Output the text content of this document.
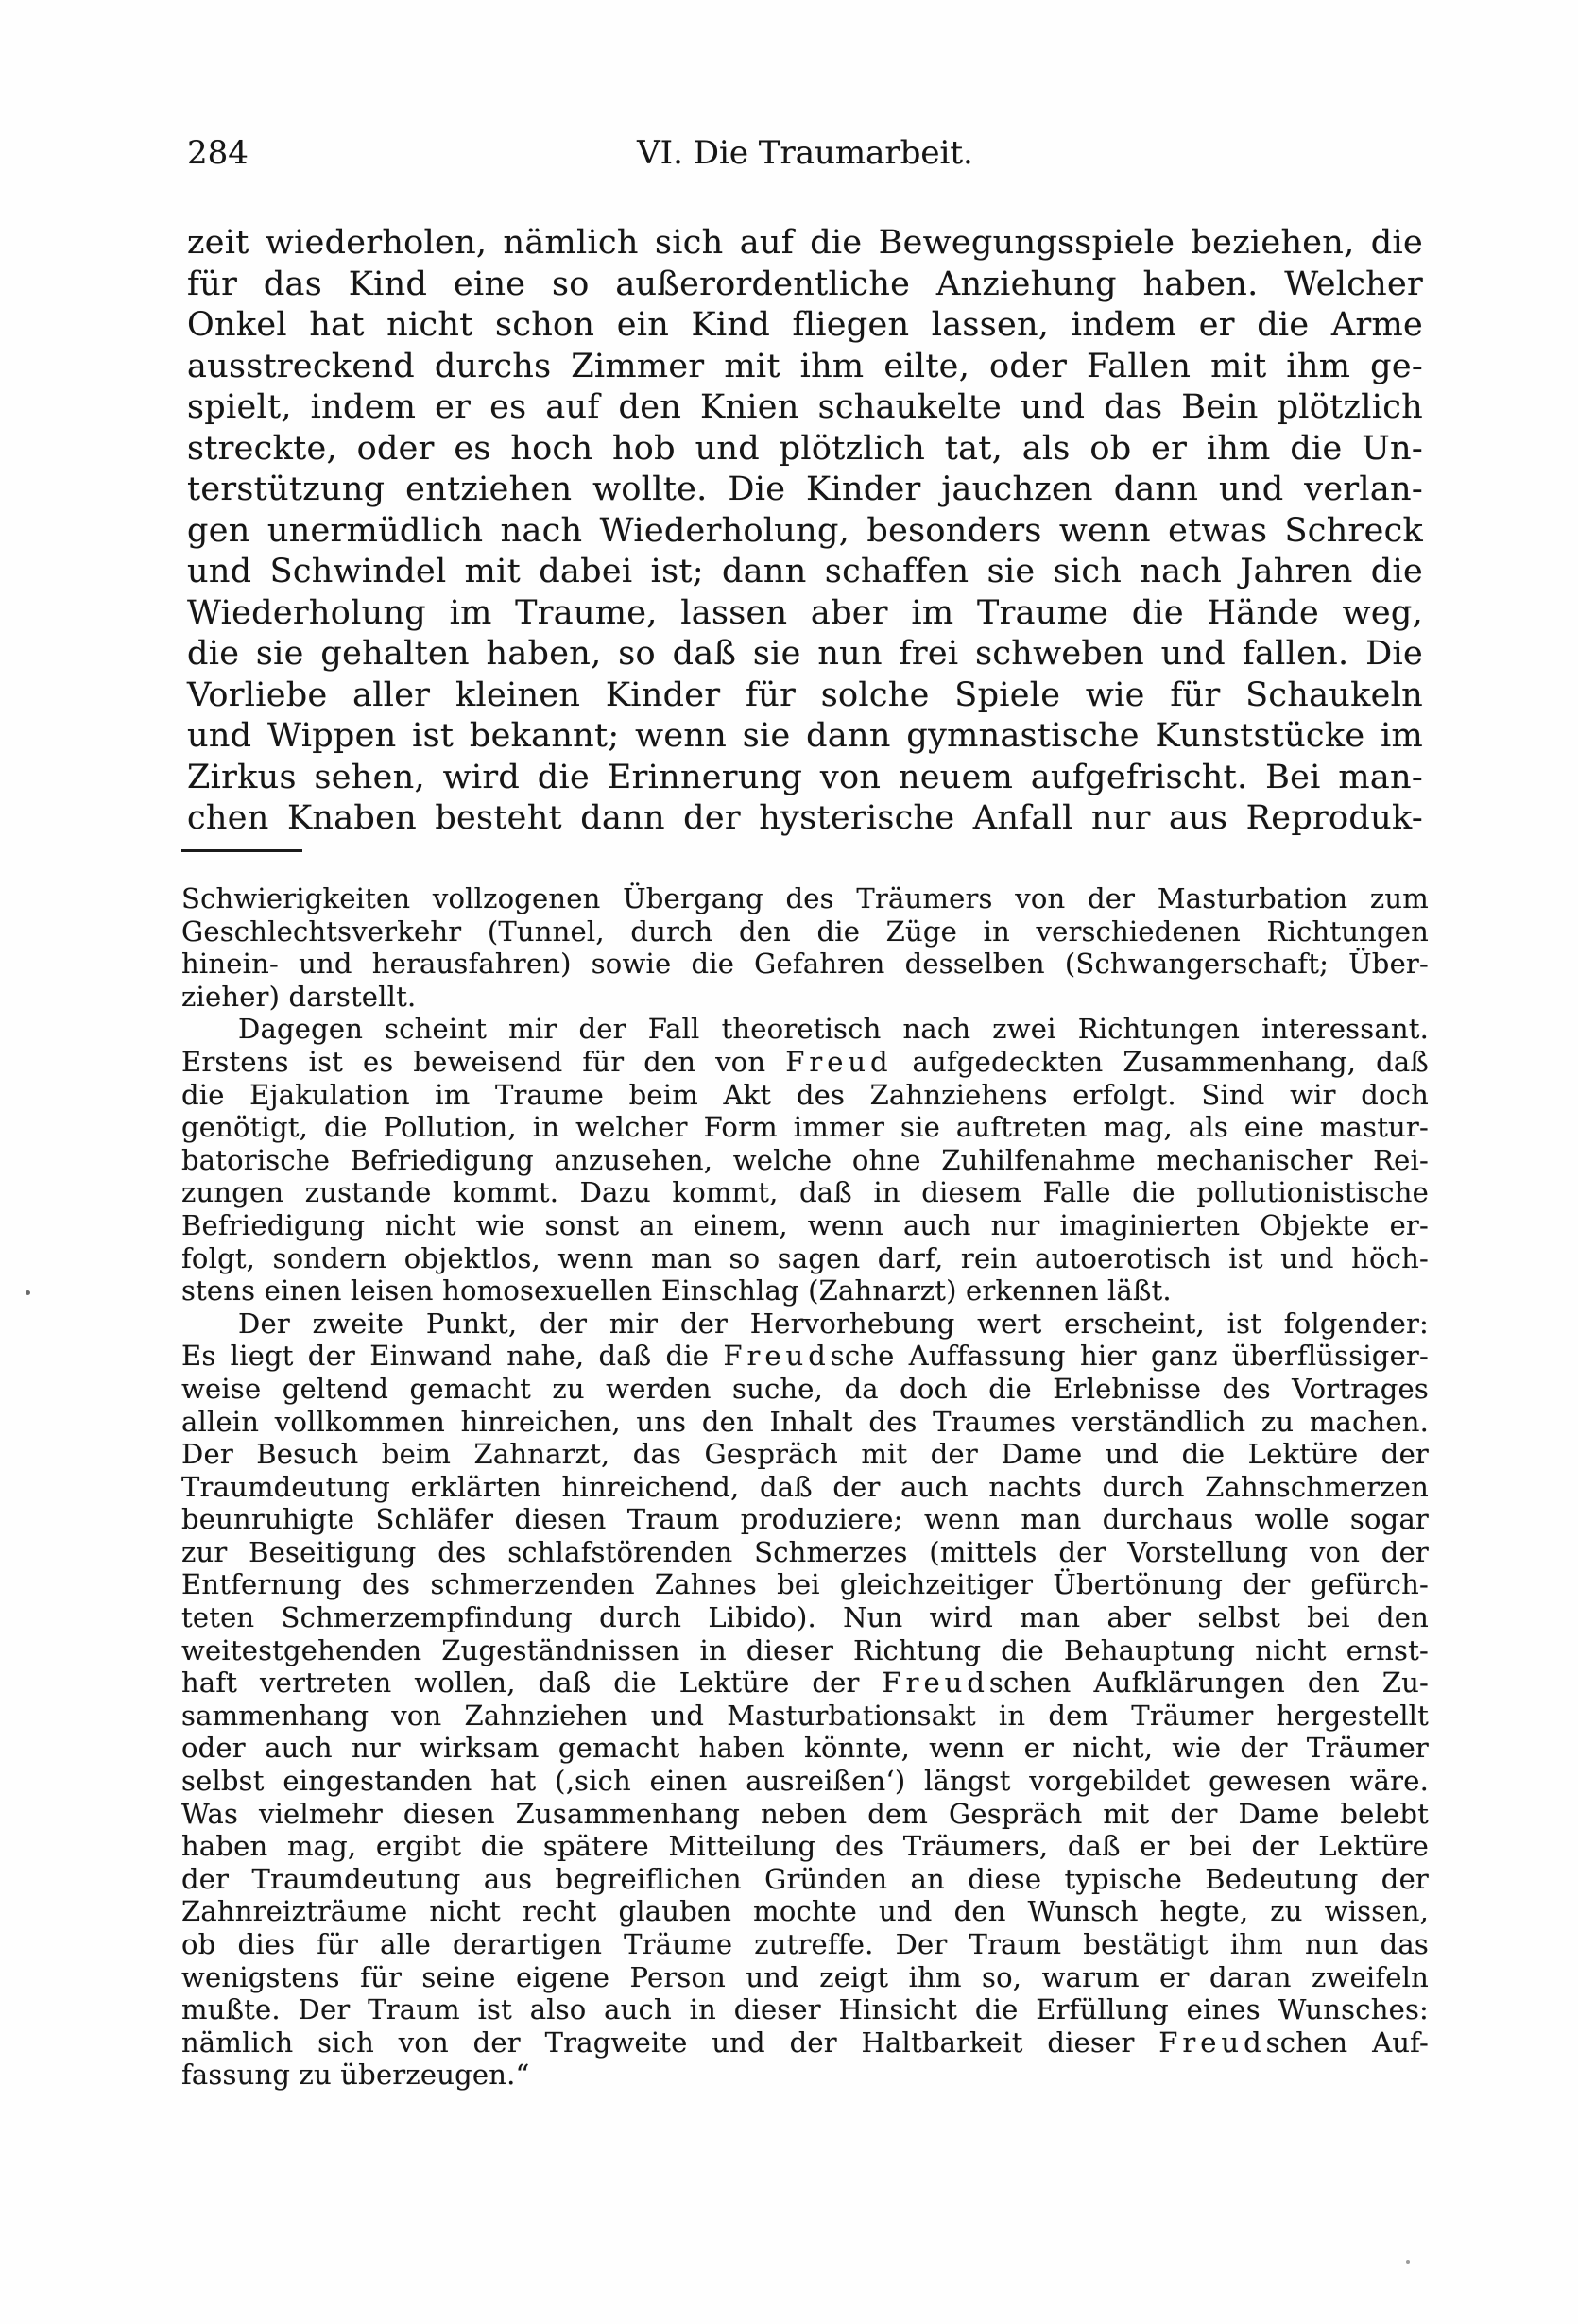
284	VI. Die Traumarbeit.
zeit wiederholen, nämlich sich auf die Bewegungsspiele beziehen, die
für das Kind eine so außerordentliche Anziehung haben. Welcher
Onkel hat nicht schon ein Kind fliegen lassen, indem er die Arme
ausstreckend durchs Zimmer mit ihm eilte, oder Fallen mit ihm ge-
spielt, indem er es auf den Knien schaukelte und das Bein plötzlich
streckte, oder es hoch hob und plötzlich tat, als ob er ihm die Un-
terstützung entziehen wollte. Die Kinder jauchzen dann und verlan-
gen unermüdlich nach Wiederholung, besonders wenn etwas Schreck
und Schwindel mit dabei ist; dann schaffen sie sich nach Jahren die
Wiederholung im Traume, lassen aber im Traume die Hände weg,
die sie gehalten haben, so daß sie nun frei schweben und fallen. Die
Vorliebe aller kleinen Kinder für solche Spiele wie für Schaukeln
und Wippen ist bekannt; wenn sie dann gymnastische Kunststücke im
Zirkus sehen, wird die Erinnerung von neuem aufgefrischt. Bei man-
chen Knaben besteht dann der hysterische Anfall nur aus Reproduk-
Schwierigkeiten vollzogenen Übergang des Träumers von der Masturbation zum
Geschlechtsverkehr (Tunnel, durch den die Züge in verschiedenen Richtungen
hinein- und herausfahren) sowie die Gefahren desselben (Schwangerschaft; Über-
zieher) darstellt.
Dagegen scheint mir der Fall theoretisch nach zwei Richtungen interessant.
Erstens ist es beweisend für den von Freud aufgedeckten Zusammenhang, daß
die Ejakulation im Traume beim Akt des Zahnziehens erfolgt. Sind wir doch
genötigt, die Pollution, in welcher Form immer sie auftreten mag, als eine mastur-
batorische Befriedigung anzusehen, welche ohne Zuhilfenahme mechanischer Rei-
zungen zustande kommt. Dazu kommt, daß in diesem Falle die pollutionistische
Befriedigung nicht wie sonst an einem, wenn auch nur imaginierten Objekte er-
folgt, sondern objektlos, wenn man so sagen darf, rein autoerotisch ist und höch-
stens einen leisen homosexuellen Einschlag (Zahnarzt) erkennen läßt.
Der zweite Punkt, der mir der Hervorhebung wert erscheint, ist folgender:
Es liegt der Einwand nahe, daß die Freudsche Auffassung hier ganz überflüssiger-
weise geltend gemacht zu werden suche, da doch die Erlebnisse des Vortrages
allein vollkommen hinreichen, uns den Inhalt des Traumes verständlich zu machen.
Der Besuch beim Zahnarzt, das Gespräch mit der Dame und die Lektüre der
Traumdeutung erklärten hinreichend, daß der auch nachts durch Zahnschmerzen
beunruhigte Schläfer diesen Traum produziere; wenn man durchaus wolle sogar
zur Beseitigung des schlafstörenden Schmerzes (mittels der Vorstellung von der
Entfernung des schmerzenden Zahnes bei gleichzeitiger Übertönung der gefürch-
teten Schmerzempfindung durch Libido). Nun wird man aber selbst bei den
weitestgehenden Zugeständnissen in dieser Richtung die Behauptung nicht ernst-
haft vertreten wollen, daß die Lektüre der Freudschen Aufklärungen den Zu-
sammenhang von Zahnziehen und Masturbationsakt in dem Träumer hergestellt
oder auch nur wirksam gemacht haben könnte, wenn er nicht, wie der Träumer
selbst eingestanden hat (‚sich einen ausreißen‘) längst vorgebildet gewesen wäre.
Was vielmehr diesen Zusammenhang neben dem Gespräch mit der Dame belebt
haben mag, ergibt die spätere Mitteilung des Träumers, daß er bei der Lektüre
der Traumdeutung aus begreiflichen Gründen an diese typische Bedeutung der
Zahnreizträume nicht recht glauben mochte und den Wunsch hegte, zu wissen,
ob dies für alle derartigen Träume zutreffe. Der Traum bestätigt ihm nun das
wenigstens für seine eigene Person und zeigt ihm so, warum er daran zweifeln
mußte. Der Traum ist also auch in dieser Hinsicht die Erfüllung eines Wunsches:
nämlich sich von der Tragweite und der Haltbarkeit dieser Freudschen Auf-
fassung zu überzeugen.“
